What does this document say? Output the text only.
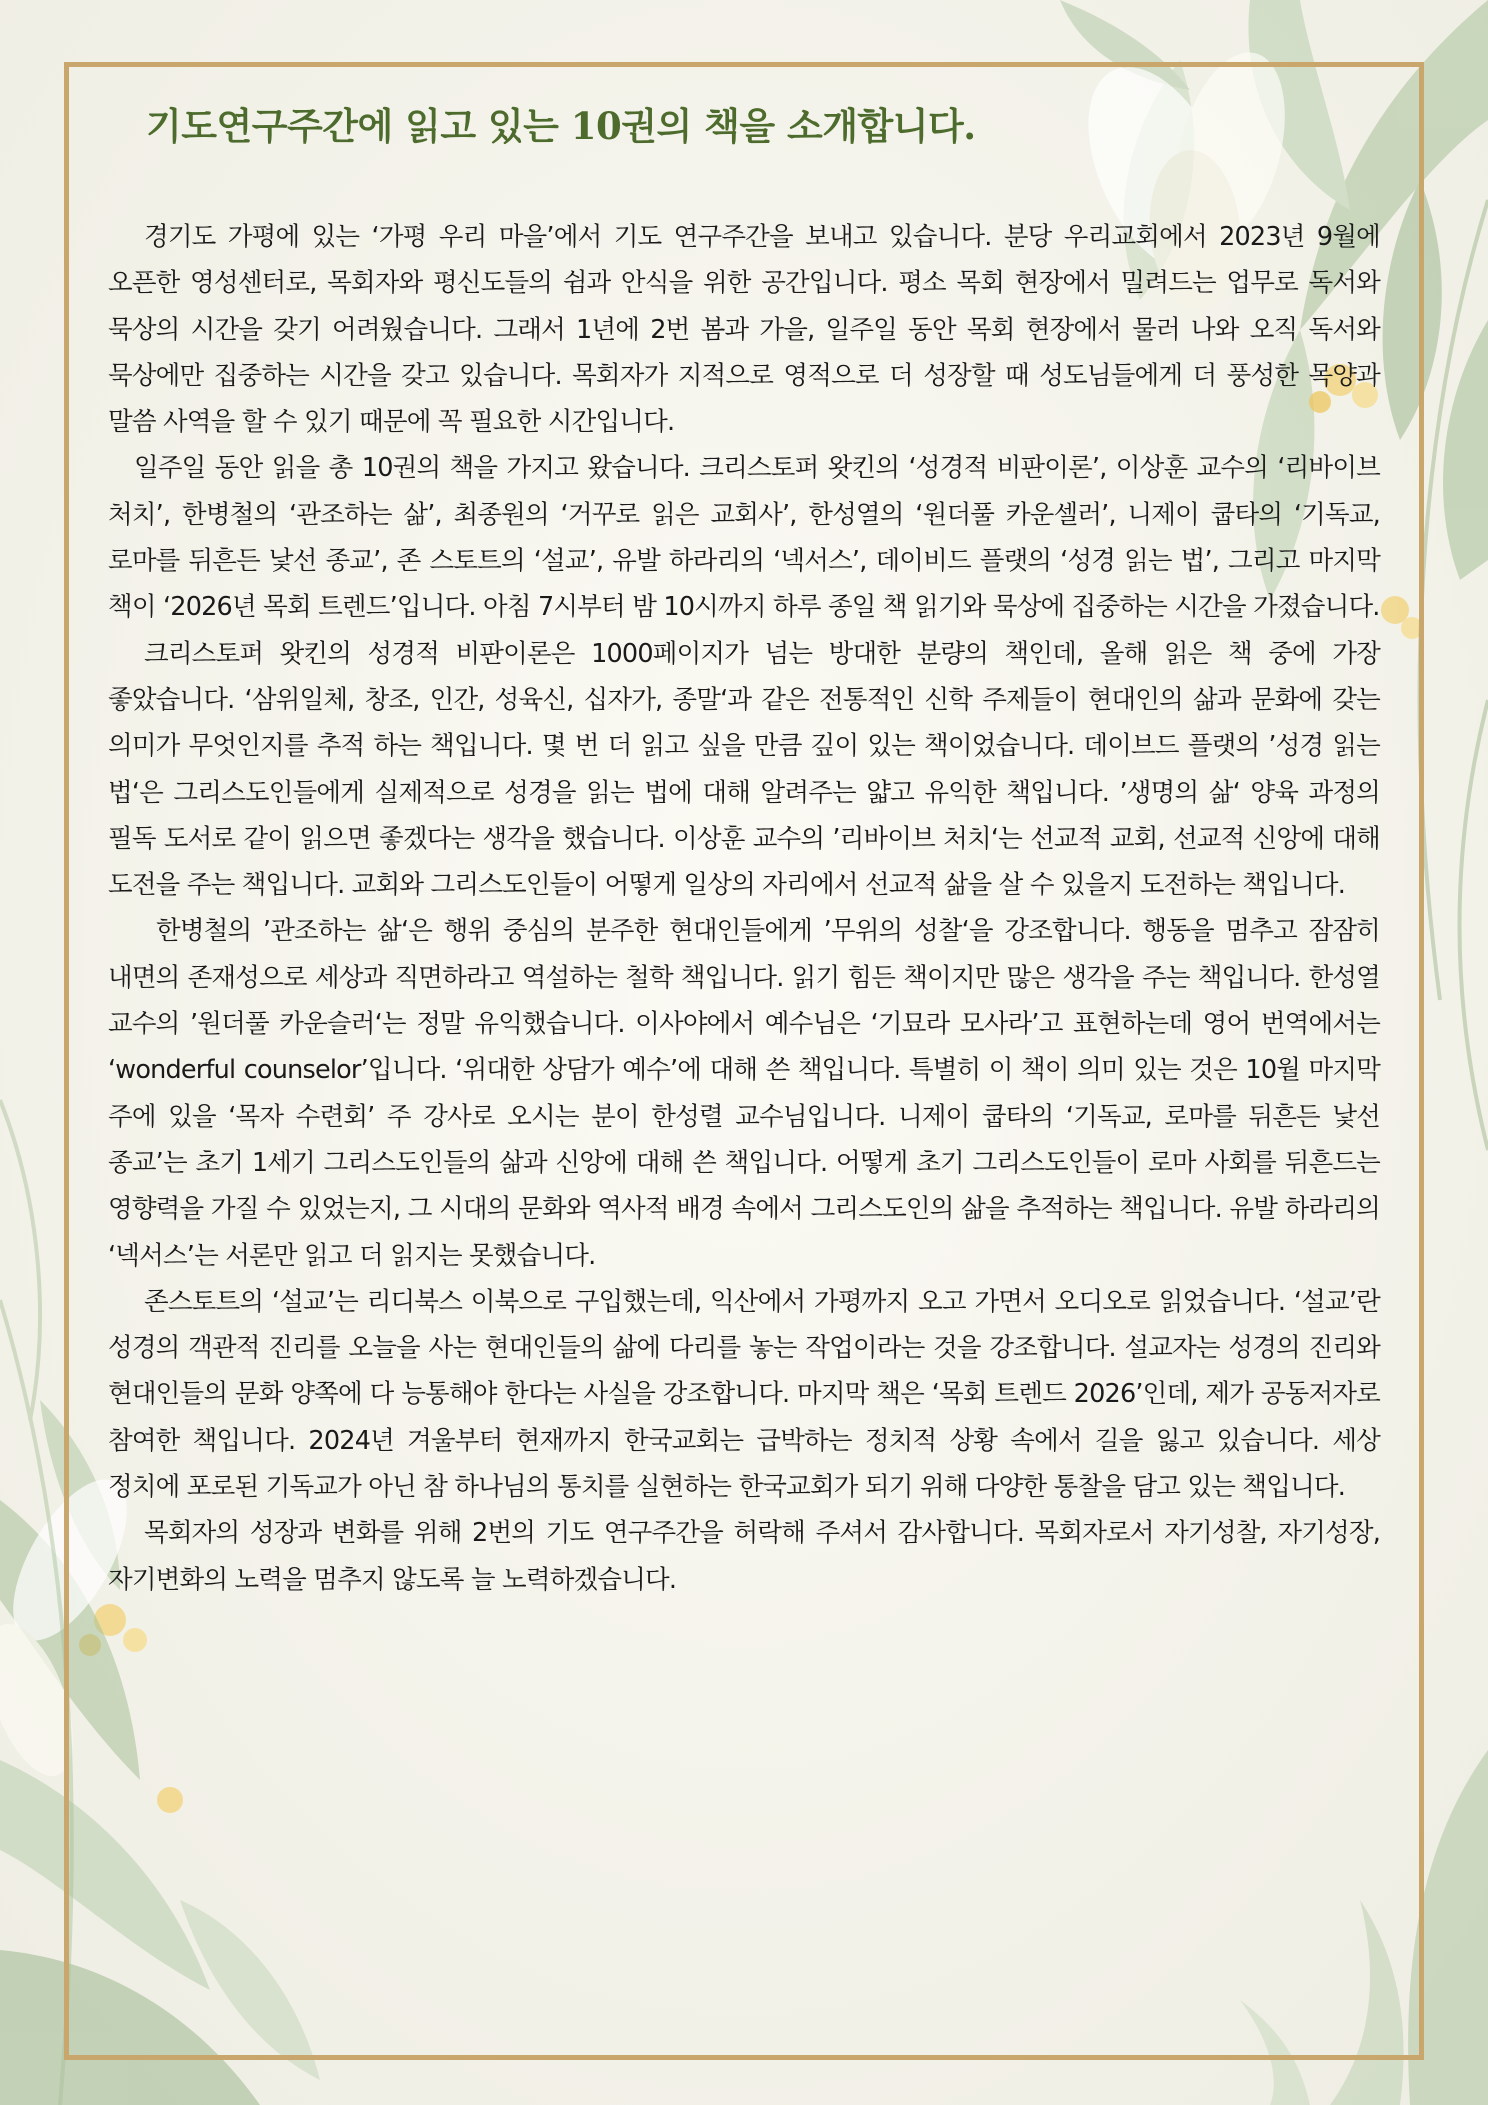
기도연구주간에 읽고 있는 10권의 책을 소개합니다.

경기도 가평에 있는 ‘가평 우리 마을’에서 기도 연구주간을 보내고 있습니다. 분당 우리교회에서 2023년 9월에 오픈한 영성센터로, 목회자와 평신도들의 쉼과 안식을 위한 공간입니다. 평소 목회 현장에서 밀려드는 업무로 독서와 묵상의 시간을 갖기 어려웠습니다. 그래서 1년에 2번 봄과 가을, 일주일 동안 목회 현장에서 물러 나와 오직 독서와 묵상에만 집중하는 시간을 갖고 있습니다. 목회자가 지적으로 영적으로 더 성장할 때 성도님들에게 더 풍성한 목양과 말씀 사역을 할 수 있기 때문에 꼭 필요한 시간입니다.

일주일 동안 읽을 총 10권의 책을 가지고 왔습니다. 크리스토퍼 왓킨의 ‘성경적 비판이론’, 이상훈 교수의 ‘리바이브 처치’, 한병철의 ‘관조하는 삶’, 최종원의 ‘거꾸로 읽은 교회사’, 한성열의 ‘원더풀 카운셀러’, 니제이 쿱타의 ‘기독교, 로마를 뒤흔든 낯선 종교’, 존 스토트의 ‘설교’, 유발 하라리의 ‘넥서스’, 데이비드 플랫의 ‘성경 읽는 법’, 그리고 마지막 책이 ‘2026년 목회 트렌드’입니다. 아침 7시부터 밤 10시까지 하루 종일 책 읽기와 묵상에 집중하는 시간을 가졌습니다.

크리스토퍼 왓킨의 성경적 비판이론은 1000페이지가 넘는 방대한 분량의 책인데, 올해 읽은 책 중에 가장 좋았습니다. ‘삼위일체, 창조, 인간, 성육신, 십자가, 종말‘과 같은 전통적인 신학 주제들이 현대인의 삶과 문화에 갖는 의미가 무엇인지를 추적 하는 책입니다. 몇 번 더 읽고 싶을 만큼 깊이 있는 책이었습니다. 데이브드 플랫의 ’성경 읽는 법‘은 그리스도인들에게 실제적으로 성경을 읽는 법에 대해 알려주는 얇고 유익한 책입니다. ’생명의 삶‘ 양육 과정의 필독 도서로 같이 읽으면 좋겠다는 생각을 했습니다. 이상훈 교수의 ’리바이브 처치‘는 선교적 교회, 선교적 신앙에 대해 도전을 주는 책입니다. 교회와 그리스도인들이 어떻게 일상의 자리에서 선교적 삶을 살 수 있을지 도전하는 책입니다.

한병철의 ’관조하는 삶‘은 행위 중심의 분주한 현대인들에게 ’무위의 성찰‘을 강조합니다. 행동을 멈추고 잠잠히 내면의 존재성으로 세상과 직면하라고 역설하는 철학 책입니다. 읽기 힘든 책이지만 많은 생각을 주는 책입니다. 한성열 교수의 ’원더풀 카운슬러‘는 정말 유익했습니다. 이사야에서 예수님은 ‘기묘라 모사라’고 표현하는데 영어 번역에서는 ‘wonderful counselor’입니다. ‘위대한 상담가 예수’에 대해 쓴 책입니다. 특별히 이 책이 의미 있는 것은 10월 마지막 주에 있을 ‘목자 수련회’ 주 강사로 오시는 분이 한성렬 교수님입니다. 니제이 쿱타의 ‘기독교, 로마를 뒤흔든 낯선 종교’는 초기 1세기 그리스도인들의 삶과 신앙에 대해 쓴 책입니다. 어떻게 초기 그리스도인들이 로마 사회를 뒤흔드는 영향력을 가질 수 있었는지, 그 시대의 문화와 역사적 배경 속에서 그리스도인의 삶을 추적하는 책입니다. 유발 하라리의 ‘넥서스’는 서론만 읽고 더 읽지는 못했습니다.

존스토트의 ‘설교’는 리디북스 이북으로 구입했는데, 익산에서 가평까지 오고 가면서 오디오로 읽었습니다. ‘설교’란 성경의 객관적 진리를 오늘을 사는 현대인들의 삶에 다리를 놓는 작업이라는 것을 강조합니다. 설교자는 성경의 진리와 현대인들의 문화 양쪽에 다 능통해야 한다는 사실을 강조합니다. 마지막 책은 ‘목회 트렌드 2026’인데, 제가 공동저자로 참여한 책입니다. 2024년 겨울부터 현재까지 한국교회는 급박하는 정치적 상황 속에서 길을 잃고 있습니다. 세상 정치에 포로된 기독교가 아닌 참 하나님의 통치를 실현하는 한국교회가 되기 위해 다양한 통찰을 담고 있는 책입니다.

목회자의 성장과 변화를 위해 2번의 기도 연구주간을 허락해 주셔서 감사합니다. 목회자로서 자기성찰, 자기성장, 자기변화의 노력을 멈추지 않도록 늘 노력하겠습니다.
